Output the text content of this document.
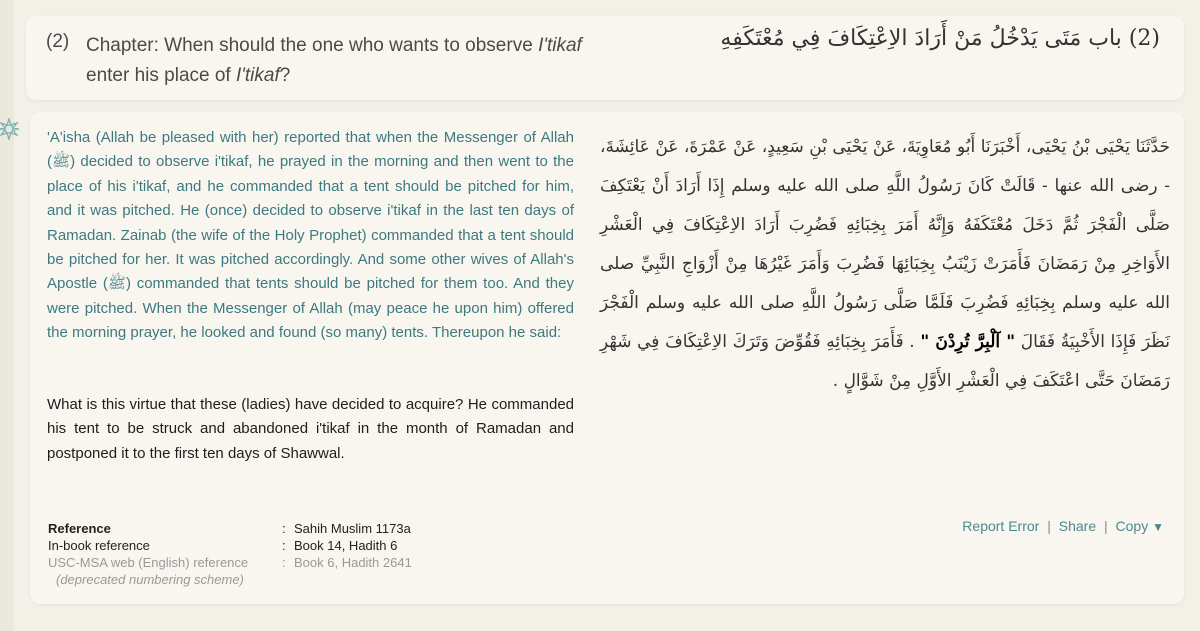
(2) Chapter: When should the one who wants to observe I'tikaf enter his place of I'tikaf?
(2) باب مَتَى يَدْخُلُ مَنْ أَرَادَ الاِعْتِكَافَ فِي مُعْتَكَفِهِ
'A'isha (Allah be pleased with her) reported that when the Messenger of Allah (ﷺ) decided to observe i'tikaf, he prayed in the morning and then went to the place of his i'tikaf, and he commanded that a tent should be pitched for him, and it was pitched. He (once) decided to observe i'tikaf in the last ten days of Ramadan. Zainab (the wife of the Holy Prophet) commanded that a tent should be pitched for her. It was pitched accordingly. And some other wives of Allah's Apostle (ﷺ) commanded that tents should be pitched for them too. And they were pitched. When the Messenger of Allah (may peace he upon him) offered the morning prayer, he looked and found (so many) tents. Thereupon he said:
What is this virtue that these (ladies) have decided to acquire? He commanded his tent to be struck and abandoned i'tikaf in the month of Ramadan and postponed it to the first ten days of Shawwal.
حَدَّثَنَا يَحْيَى بْنُ يَحْيَى، أَخْبَرَنَا أَبُو مُعَاوِيَةَ، عَنْ يَحْيَى بْنِ سَعِيدٍ، عَنْ عَمْرَةَ، عَنْ عَائِشَةَ، - رضى الله عنها - قَالَتْ كَانَ رَسُولُ اللَّهِ صلى الله عليه وسلم إِذَا أَرَادَ أَنْ يَعْتَكِفَ صَلَّى الْفَجْرَ ثُمَّ دَخَلَ مُعْتَكَفَهُ وَإِنَّهُ أَمَرَ بِخِبَائِهِ فَضُرِبَ أَرَادَ الاِعْتِكَافَ فِي الْعَشْرِ الأَوَاخِرِ مِنْ رَمَضَانَ فَأَمَرَتْ زَيْنَبُ بِخِبَائِهَا فَضُرِبَ وَأَمَرَ غَيْرُهَا مِنْ أَزْوَاجِ النَّبِيِّ صلى الله عليه وسلم بِخِبَائِهِ فَضُرِبَ فَلَمَّا صَلَّى رَسُولُ اللَّهِ صلى الله عليه وسلم الْفَجْرَ نَظَرَ فَإِذَا الأَخْبِيَةُ فَقَالَ " آلْبِرَّ تُرِدْنَ " . فَأَمَرَ بِخِبَائِهِ فَقُوِّضَ وَتَرَكَ الاِعْتِكَافَ فِي شَهْرِ رَمَضَانَ حَتَّى اعْتَكَفَ فِي الْعَشْرِ الأَوَّلِ مِنْ شَوَّالٍ .
Reference	: Sahih Muslim 1173a
In-book reference	: Book 14, Hadith 6
USC-MSA web (English) reference	: Book 6, Hadith 2641
(deprecated numbering scheme)
Report Error | Share | Copy ▼
